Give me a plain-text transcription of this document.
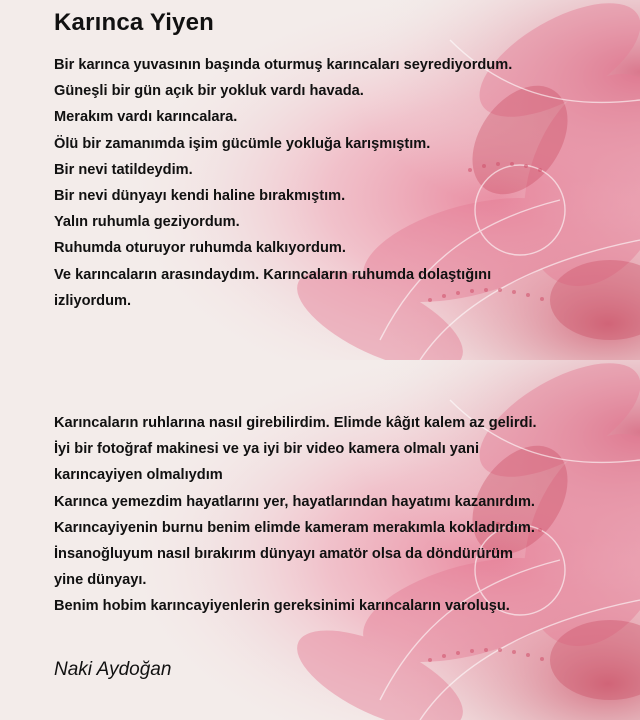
Karınca Yiyen
Bir karınca yuvasının başında oturmuş karıncaları seyrediyordum.
Güneşli bir gün açık bir yokluk vardı havada.
Merakım vardı karıncalara.
Ölü bir zamanımda işim gücümle yokluğa karışmıştım.
Bir nevi tatildeydim.
Bir nevi dünyayı kendi haline bırakmıştım.
Yalın ruhumla geziyordum.
Ruhumda oturuyor ruhumda kalkıyordum.
Ve karıncaların arasındaydım. Karıncaların ruhumda dolaştığını
izliyordum.
Karıncaların ruhlarına nasıl girebilirdim. Elimde kâğıt kalem az gelirdi.
İyi bir fotoğraf makinesi ve ya iyi bir video kamera olmalı yani
karıncayiyen olmalıydım
Karınca yemezdim hayatlarını yer, hayatlarından hayatımı kazanırdım.
Karıncayiyenin burnu benim elimde kameram merakımla kokladırdım.
İnsanoğluyum nasıl bırakırım dünyayı amatör olsa da döndürürüm
yine dünyayı.
Benim hobim karıncayiyenlerin gereksinimi karıncaların varoluşu.
Naki Aydoğan
